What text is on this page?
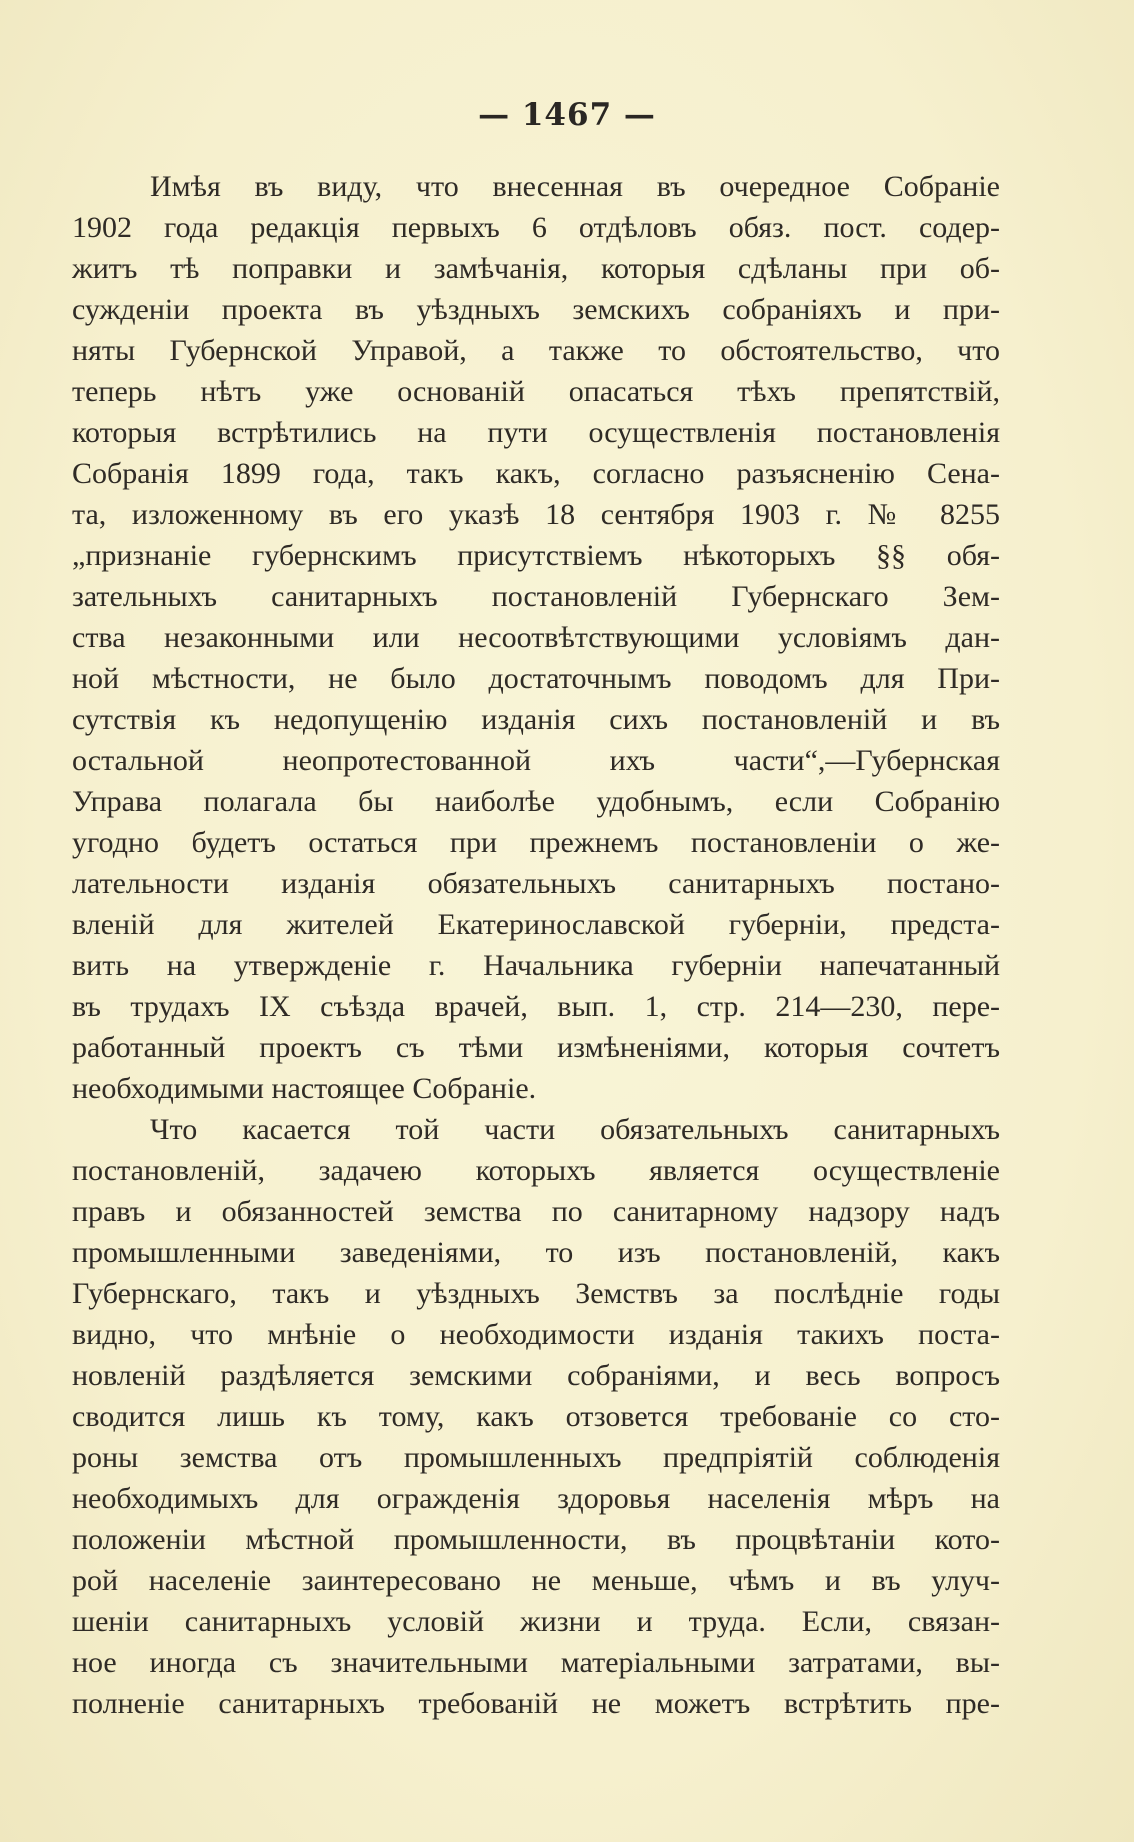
— 1467 —
Имѣя въ виду, что внесенная въ очередное Собраніе
1902 года редакція первыхъ 6 отдѣловъ обяз. пост. содер-
житъ тѣ поправки и замѣчанія, которыя сдѣланы при об-
сужденіи проекта въ уѣздныхъ земскихъ собраніяхъ и при-
няты Губернской Управой, а также то обстоятельство, что
теперь нѣтъ уже основаній опасаться тѣхъ препятствій,
которыя встрѣтились на пути осуществленія постановленія
Собранія 1899 года, такъ какъ, согласно разъясненію Сена-
та, изложенному въ его указѣ 18 сентября 1903 г. № 8255
„признаніе губернскимъ присутствіемъ нѣкоторыхъ §§ обя-
зательныхъ санитарныхъ постановленій Губернскаго Зем-
ства незаконными или несоотвѣтствующими условіямъ дан-
ной мѣстности, не было достаточнымъ поводомъ для При-
сутствія къ недопущенію изданія сихъ постановленій и въ
остальной неопротестованной ихъ части“,—Губернская
Управа полагала бы наиболѣе удобнымъ, если Собранію
угодно будетъ остаться при прежнемъ постановленіи о же-
лательности изданія обязательныхъ санитарныхъ постано-
вленій для жителей Екатеринославской губерніи, предста-
вить на утвержденіе г. Начальника губерніи напечатанный
въ трудахъ IX съѣзда врачей, вып. 1, стр. 214—230, пере-
работанный проектъ съ тѣми измѣненіями, которыя сочтетъ
необходимыми настоящее Собраніе.
Что касается той части обязательныхъ санитарныхъ
постановленій, задачею которыхъ является осуществленіе
правъ и обязанностей земства по санитарному надзору надъ
промышленными заведеніями, то изъ постановленій, какъ
Губернскаго, такъ и уѣздныхъ Земствъ за послѣдніе годы
видно, что мнѣніе о необходимости изданія такихъ поста-
новленій раздѣляется земскими собраніями, и весь вопросъ
сводится лишь къ тому, какъ отзовется требованіе со сто-
роны земства отъ промышленныхъ предпріятій соблюденія
необходимыхъ для огражденія здоровья населенія мѣръ на
положеніи мѣстной промышленности, въ процвѣтаніи кото-
рой населеніе заинтересовано не меньше, чѣмъ и въ улуч-
шеніи санитарныхъ условій жизни и труда. Если, связан-
ное иногда съ значительными матеріальными затратами, вы-
полненіе санитарныхъ требованій не можетъ встрѣтить пре-
